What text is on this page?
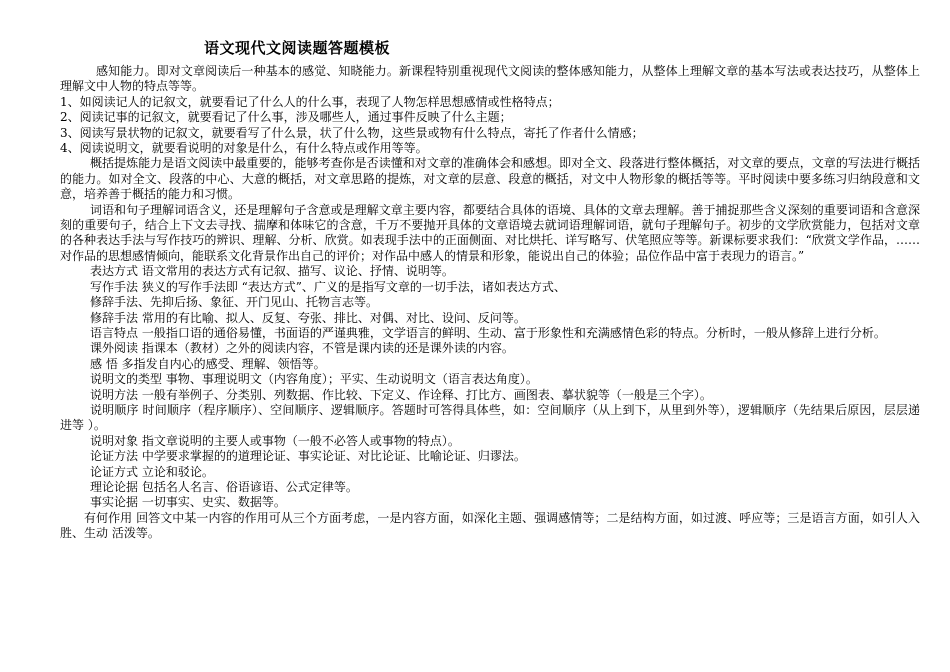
语文现代文阅读题答题模板

感知能力。即对文章阅读后一种基本的感觉、知晓能力。新课程特别重视现代文阅读的整体感知能力，从整体上理解文章的基本写法或表达技巧，从整体上理解文中人物的特点等等。

1、如阅读记人的记叙文，就要看记了什么人的什么事，表现了人物怎样思想感情或性格特点；

2、阅读记事的记叙文，就要看记了什么事，涉及哪些人，通过事件反映了什么主题；

3、阅读写景状物的记叙文，就要看写了什么景，状了什么物，这些景或物有什么特点，寄托了作者什么情感；

4、阅读说明文，就要看说明的对象是什么，有什么特点或作用等等。

概括提炼能力是语文阅读中最重要的，能够考查你是否读懂和对文章的准确体会和感想。即对全文、段落进行整体概括，对文章的要点，文章的写法进行概括的能力。如对全文、段落的中心、大意的概括，对文章思路的提炼，对文章的层意、段意的概括，对文中人物形象的概括等等。平时阅读中要多练习归纳段意和文意，培养善于概括的能力和习惯。

词语和句子理解词语含义，还是理解句子含意或是理解文章主要内容，都要结合具体的语境、具体的文章去理解。善于捕捉那些含义深刻的重要词语和含意深刻的重要句子，结合上下文去寻找、揣摩和体味它的含意，千万不要抛开具体的文章语境去就词语理解词语，就句子理解句子。初步的文学欣赏能力，包括对文章的各种表达手法与写作技巧的辨识、理解、分析、欣赏。如表现手法中的正面侧面、对比烘托、详写略写、伏笔照应等等。新课标要求我们：“欣赏文学作品，……对作品的思想感情倾向，能联系文化背景作出自己的评价；对作品中感人的情景和形象，能说出自己的体验；品位作品中富于表现力的语言。”

表达方式 语文常用的表达方式有记叙、描写、议论、抒情、说明等。

写作手法 狭义的写作手法即 “表达方式”、广义的是指写文章的一切手法，诸如表达方式、

修辞手法、先抑后扬、象征、开门见山、托物言志等。

修辞手法 常用的有比喻、拟人、反复、夸张、排比、对偶、对比、设问、反问等。

语言特点 一般指口语的通俗易懂，书面语的严谨典雅，文学语言的鲜明、生动、富于形象性和充满感情色彩的特点。分析时，一般从修辞上进行分析。

课外阅读 指课本（教材）之外的阅读内容，不管是课内读的还是课外读的内容。

感 悟 多指发自内心的感受、理解、领悟等。

说明文的类型 事物、事理说明文（内容角度）；平实、生动说明文（语言表达角度）。

说明方法 一般有举例子、分类别、列数据、作比较、下定义、作诠释、打比方、画图表、摹状貌等（一般是三个字）。

说明顺序 时间顺序（程序顺序）、空间顺序、逻辑顺序。答题时可答得具体些，如：空间顺序（从上到下，从里到外等），逻辑顺序（先结果后原因，层层递进等 ）。

说明对象 指文章说明的主要人或事物（一般不必答人或事物的特点）。

论证方法 中学要求掌握的的道理论证、事实论证、对比论证、比喻论证、归谬法。

论证方式 立论和驳论。

理论论据 包括名人名言、俗语谚语、公式定律等。

事实论据 一切事实、史实、数据等。

有何作用 回答文中某一内容的作用可从三个方面考虑，一是内容方面，如深化主题、强调感情等；二是结构方面，如过渡、呼应等；三是语言方面，如引人入胜、生动 活泼等。
